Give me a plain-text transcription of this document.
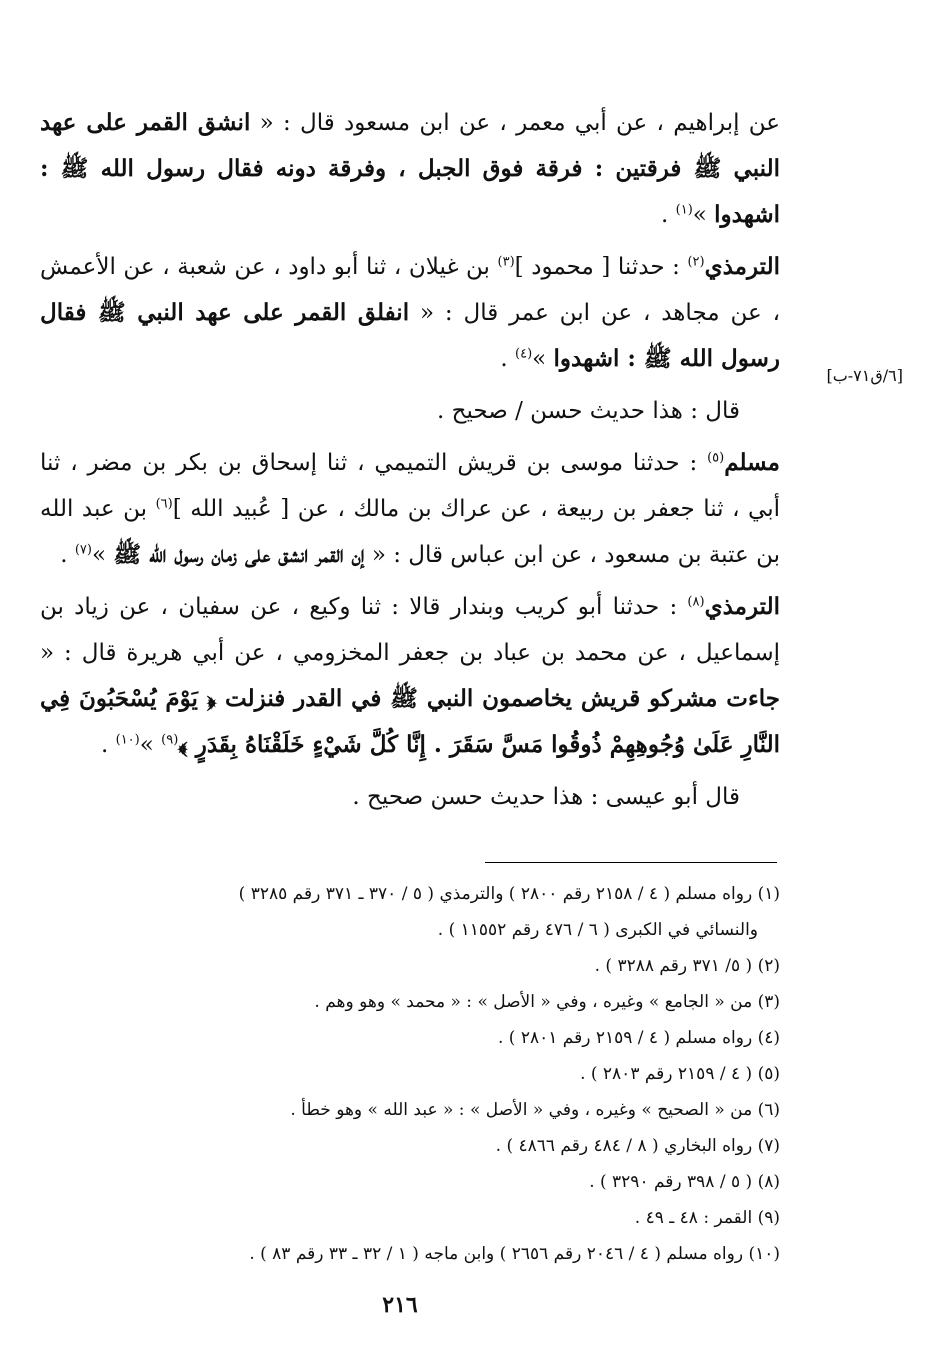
[٦/ق٧١-ب]

عن إبراهيم ، عن أبي معمر ، عن ابن مسعود قال : « انشق القمر على عهد النبي ﷺ فرقتين : فرقة فوق الجبل ، وفرقة دونه فقال رسول الله ﷺ : اشهدوا »$^{(١)}$ .

الترمذي$^{(٢)}$ : حدثنا [ محمود ]$^{(٣)}$ بن غيلان ، ثنا أبو داود ، عن شعبة ، عن الأعمش ، عن مجاهد ، عن ابن عمر قال : « انفلق القمر على عهد النبي ﷺ فقال رسول الله ﷺ : اشهدوا »$^{(٤)}$ .

قال : هذا حديث حسن / صحيح .

مسلم$^{(٥)}$ : حدثنا موسى بن قريش التميمي ، ثنا إسحاق بن بكر بن مضر ، ثنا أبي ، ثنا جعفر بن ربيعة ، عن عراك بن مالك ، عن [ عُبيد الله ]$^{(٦)}$ بن عبد الله بن عتبة بن مسعود ، عن ابن عباس قال : « إن القمر انشق على زمان رسول الله ﷺ »$^{(٧)}$ .

الترمذي$^{(٨)}$ : حدثنا أبو كريب وبندار قالا : ثنا وكيع ، عن سفيان ، عن زياد بن إسماعيل ، عن محمد بن عباد بن جعفر المخزومي ، عن أبي هريرة قال : « جاءت مشركو قريش يخاصمون النبي ﷺ في القدر فنزلت ﴿ يَوْمَ يُسْحَبُونَ فِي النَّارِ عَلَىٰ وُجُوهِهِمْ ذُوقُوا مَسَّ سَقَرَ . إِنَّا كُلَّ شَيْءٍ خَلَقْنَاهُ بِقَدَرٍ ﴾$^{(٩)}$ »$^{(١٠)}$ .

قال أبو عيسى : هذا حديث حسن صحيح .

(١) رواه مسلم ( ٤ / ٢١٥٨ رقم ٢٨٠٠ ) والترمذي ( ٥ / ٣٧٠ ـ ٣٧١ رقم ٣٢٨٥ )
والنسائي في الكبرى ( ٦ / ٤٧٦ رقم ١١٥٥٢ ) .

(٢) ( ٥/ ٣٧١ رقم ٣٢٨٨ ) .

(٣) من « الجامع » وغيره ، وفي « الأصل » : « محمد » وهو وهم .

(٤) رواه مسلم ( ٤ / ٢١٥٩ رقم ٢٨٠١ ) .

(٥) ( ٤ / ٢١٥٩ رقم ٢٨٠٣ ) .

(٦) من « الصحيح » وغيره ، وفي « الأصل » : « عبد الله » وهو خطأ .

(٧) رواه البخاري ( ٨ / ٤٨٤ رقم ٤٨٦٦ ) .

(٨) ( ٥ / ٣٩٨ رقم ٣٢٩٠ ) .

(٩) القمر : ٤٨ ـ ٤٩ .

(١٠) رواه مسلم ( ٤ / ٢٠٤٦ رقم ٢٦٥٦ ) وابن ماجه ( ١ / ٣٢ ـ ٣٣ رقم ٨٣ ) .

٢١٦
